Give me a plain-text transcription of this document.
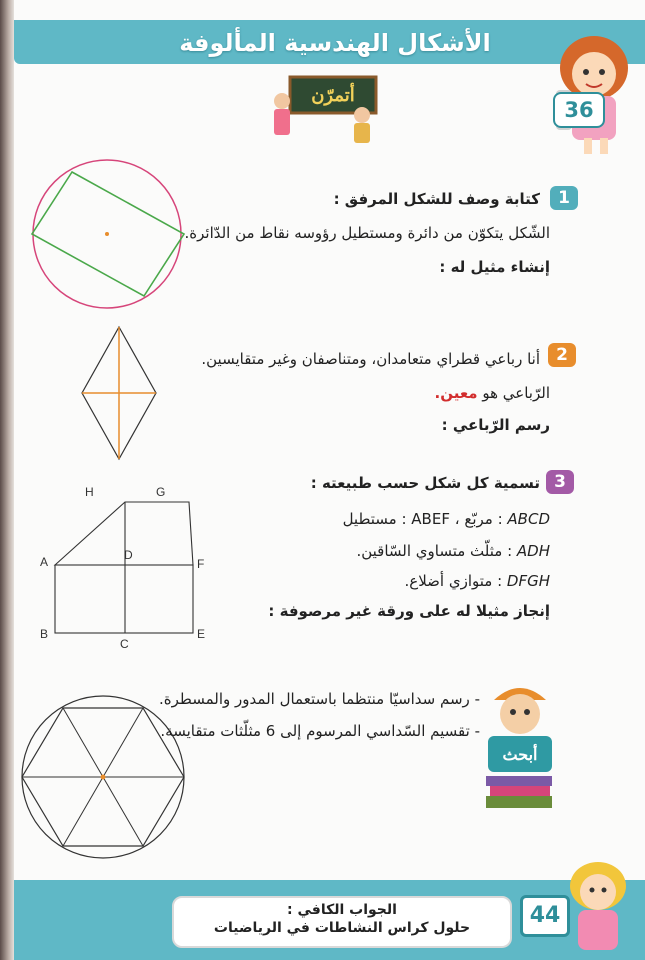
الأشكال الهندسية المألوفة
36
أتمرّن
1
كتابة وصف للشكل المرفق :
الشّكل يتكوّن من دائرة ومستطيل رؤوسه نقاط من الدّائرة.
إنشاء مثيل له :
2
أنا رباعي قطراي متعامدان، ومتناصفان وغير متقايسين.
الرّباعي هو معين.
رسم الرّباعي :
H	G
D
A	F
B
C
E
3
تسمية كل شكل حسب طبيعته :
ABCD : مربّع ، ABEF : مستطيل
ADH : مثلّث متساوي السّاقين.
DFGH : متوازي أضلاع.
إنجاز مثيلا له على ورقة غير مرصوفة :
أبحث
- رسم سداسيّا منتظما باستعمال المدور والمسطرة.
- تقسيم السّداسي المرسوم إلى 6 مثلّثات متقايسة.
الجواب الكافي :
حلول كراس النشاطات في الرياضيات	44
